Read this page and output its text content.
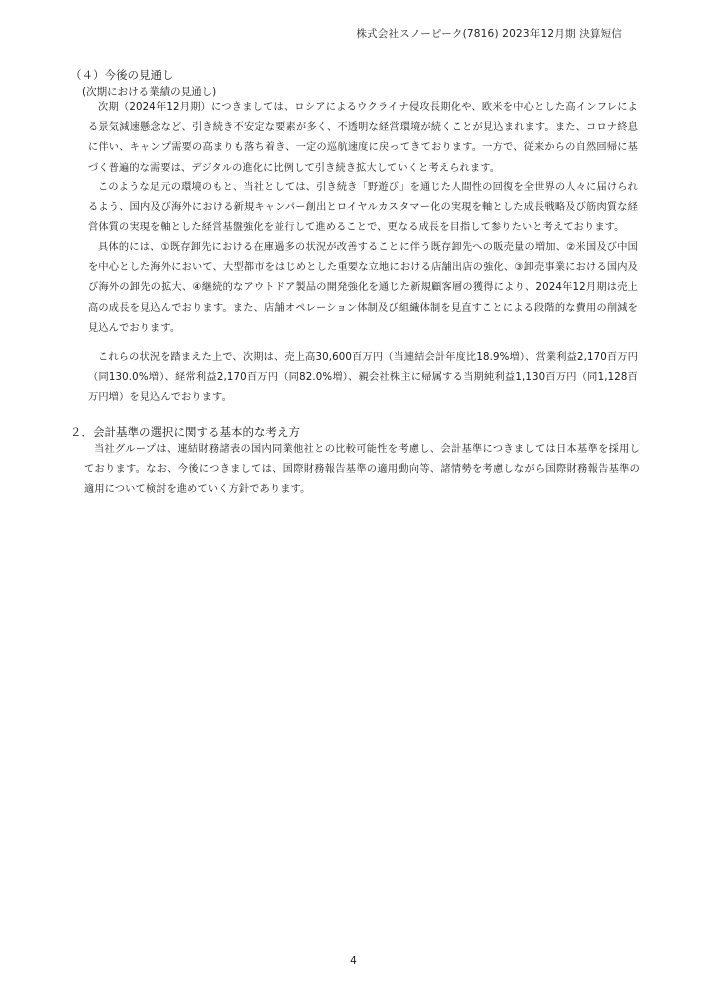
株式会社スノーピーク(7816) 2023年12月期 決算短信
（４）今後の見通し
(次期における業績の見通し)

次期（2024年12月期）につきましては、ロシアによるウクライナ侵攻長期化や、欧米を中心とした高インフレによる景気減速懸念など、引き続き不安定な要素が多く、不透明な経営環境が続くことが見込まれます。また、コロナ終息に伴い、キャンプ需要の高まりも落ち着き、一定の巡航速度に戻ってきております。一方で、従来からの自然回帰に基づく普遍的な需要は、デジタルの進化に比例して引き続き拡大していくと考えられます。

このような足元の環境のもと、当社としては、引き続き「野遊び」を通じた人間性の回復を全世界の人々に届けられるよう、国内及び海外における新規キャンパー創出とロイヤルカスタマー化の実現を軸とした成長戦略及び筋肉質な経営体質の実現を軸とした経営基盤強化を並行して進めることで、更なる成長を目指して参りたいと考えております。

具体的には、①既存卸先における在庫過多の状況が改善することに伴う既存卸先への販売量の増加、②米国及び中国を中心とした海外において、大型都市をはじめとした重要な立地における店舗出店の強化、③卸売事業における国内及び海外の卸先の拡大、④継続的なアウトドア製品の開発強化を通じた新規顧客層の獲得により、2024年12月期は売上高の成長を見込んでおります。また、店舗オペレーション体制及び組織体制を見直すことによる段階的な費用の削減を見込んでおります。

これらの状況を踏まえた上で、次期は、売上高30,600百万円（当連結会計年度比18.9%増）、営業利益2,170百万円（同130.0%増）、経常利益2,170百万円（同82.0%増）、親会社株主に帰属する当期純利益1,130百万円（同1,128百万円増）を見込んでおります。

２．会計基準の選択に関する基本的な考え方

当社グループは、連結財務諸表の国内同業他社との比較可能性を考慮し、会計基準につきましては日本基準を採用しております。なお、今後につきましては、国際財務報告基準の適用動向等、諸情勢を考慮しながら国際財務報告基準の適用について検討を進めていく方針であります。

4
